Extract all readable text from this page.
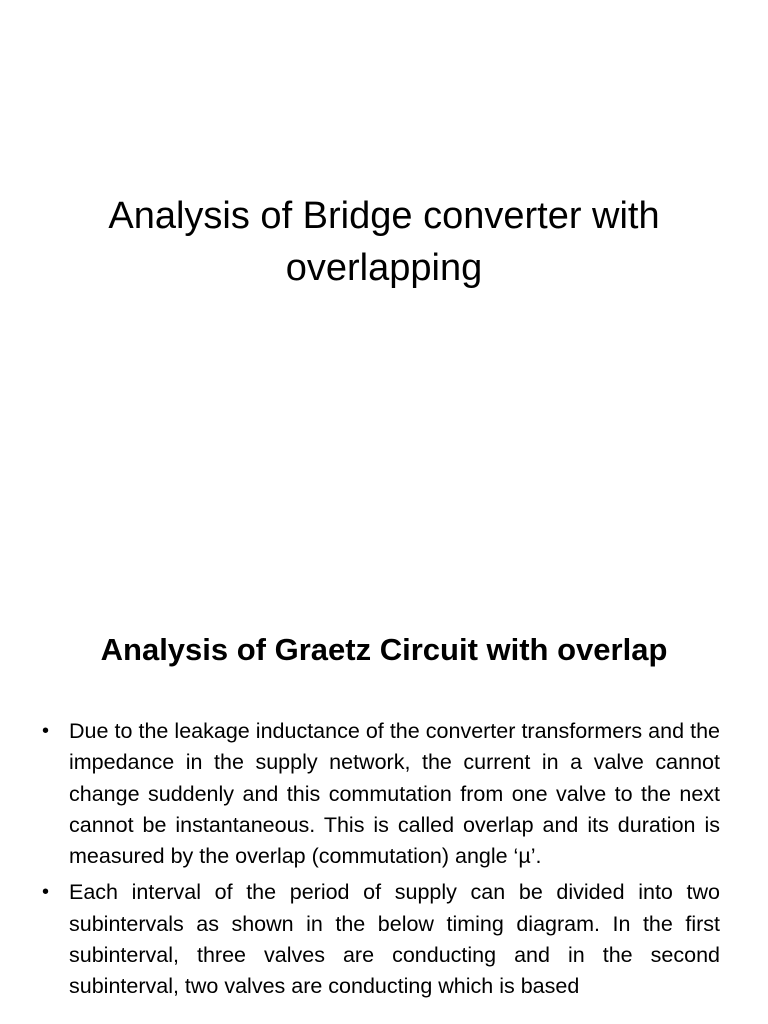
Analysis of Bridge converter with overlapping
Analysis of Graetz Circuit with overlap
• Due to the leakage inductance of the converter transformers and the impedance in the supply network, the current in a valve cannot change suddenly and this commutation from one valve to the next cannot be instantaneous. This is called overlap and its duration is measured by the overlap (commutation) angle ‘µ’.
• Each interval of the period of supply can be divided into two subintervals as shown in the below timing diagram. In the first subinterval, three valves are conducting and in the second subinterval, two valves are conducting which is based
